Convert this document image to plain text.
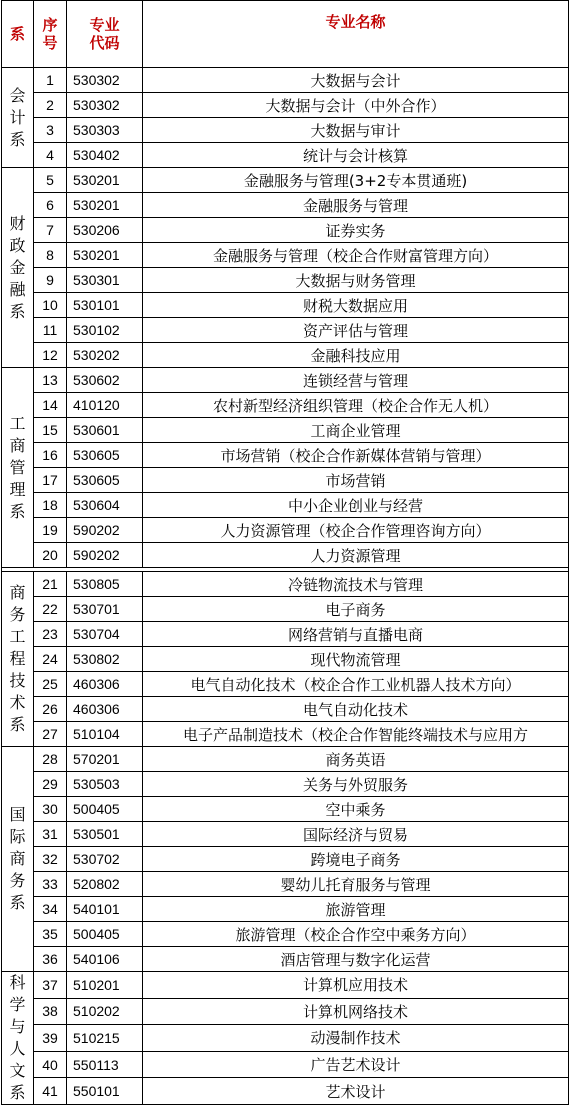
系	序号	专业代码	专业名称
会计系	1	530302	大数据与会计
	2	530302	大数据与会计（中外合作）
	3	530303	大数据与审计
	4	530402	统计与会计核算
财政金融系	5	530201	金融服务与管理(3+2专本贯通班)
	6	530201	金融服务与管理
	7	530206	证券实务
	8	530201	金融服务与管理（校企合作财富管理方向）
	9	530301	大数据与财务管理
	10	530101	财税大数据应用
	11	530102	资产评估与管理
	12	530202	金融科技应用
工商管理系	13	530602	连锁经营与管理
	14	410120	农村新型经济组织管理（校企合作无人机）
	15	530601	工商企业管理
	16	530605	市场营销（校企合作新媒体营销与管理）
	17	530605	市场营销
	18	530604	中小企业创业与经营
	19	590202	人力资源管理（校企合作管理咨询方向）
	20	590202	人力资源管理

商务工程技术系	21	530805	冷链物流技术与管理
	22	530701	电子商务
	23	530704	网络营销与直播电商
	24	530802	现代物流管理
	25	460306	电气自动化技术（校企合作工业机器人技术方向）
	26	460306	电气自动化技术
	27	510104	电子产品制造技术（校企合作智能终端技术与应用方
国际商务系	28	570201	商务英语
	29	530503	关务与外贸服务
	30	500405	空中乘务
	31	530501	国际经济与贸易
	32	530702	跨境电子商务
	33	520802	婴幼儿托育服务与管理
	34	540101	旅游管理
	35	500405	旅游管理（校企合作空中乘务方向）
	36	540106	酒店管理与数字化运营
科学与人文系	37	510201	计算机应用技术
	38	510202	计算机网络技术
	39	510215	动漫制作技术
	40	550113	广告艺术设计
	41	550101	艺术设计
